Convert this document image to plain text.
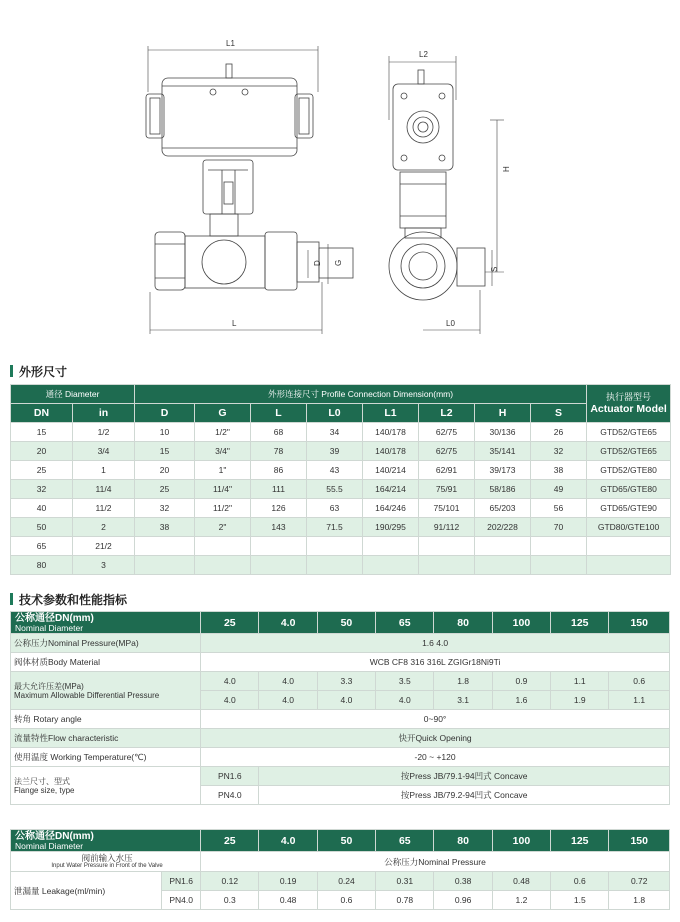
L1
L
D G
L2
H
S
L0
外形尺寸
通径 Diameter		外形连接尺寸 Profile Connection Dimension(mm)								执行器型号
Actuator Model

DN	in	D	G	L	L0	L1	L2	H	S	
15	1/2	10	1/2"	68	34	140/178	62/75	30/136	26	GTD52/GTE65
20	3/4	15	3/4"	78	39	140/178	62/75	35/141	32	GTD52/GTE65
25	1	20	1"	86	43	140/214	62/91	39/173	38	GTD52/GTE80
32	11/4	25	11/4"	111	55.5	164/214	75/91	58/186	49	GTD65/GTE80
40	11/2	32	11/2"	126	63	164/246	75/101	65/203	56	GTD65/GTE90
50	2	38	2"	143	71.5	190/295	91/112	202/228	70	GTD80/GTE100
65	21/2									
80	3									
技术参数和性能指标
公称通径DN(mm)
Nominal Diameter	25	4.0	50	65	80	100	125	150
公称压力Nominal Pressure(MPa)	1.6 4.0							
阀体材质Body Material	WCB CF8 316 316L ZGIGr18Ni9Ti							

最大允许压差(MPa)
Maximum Allowable Differential Pressure	4.0	4.0	3.3	3.5	1.8	0.9	1.1	0.6
	4.0	4.0	4.0	4.0	3.1	1.6	1.9	1.1
转角 Rotary angle	0~90°							
流量特性Flow characteristic	快开Quick Opening							
使用温度 Working Temperature(℃)	-20 ~ +120							

法兰尺寸、型式
Flange size, type	PN1.6	按Press JB/79.1-94凹式 Concave						
	PN4.0	按Press JB/79.2-94凹式 Concave						
公称通径DN(mm)
Nominal Diameter		25	4.0	50	65	80	100	125	150

阀前输入水压
Input Water Pressure in Front of the Valve		公称压力Nominal Pressure							
泄漏量 Leakage(ml/min)	PN1.6	0.12	0.19	0.24	0.31	0.38	0.48	0.6	0.72
	PN4.0	0.3	0.48	0.6	0.78	0.96	1.2	1.5	1.8
